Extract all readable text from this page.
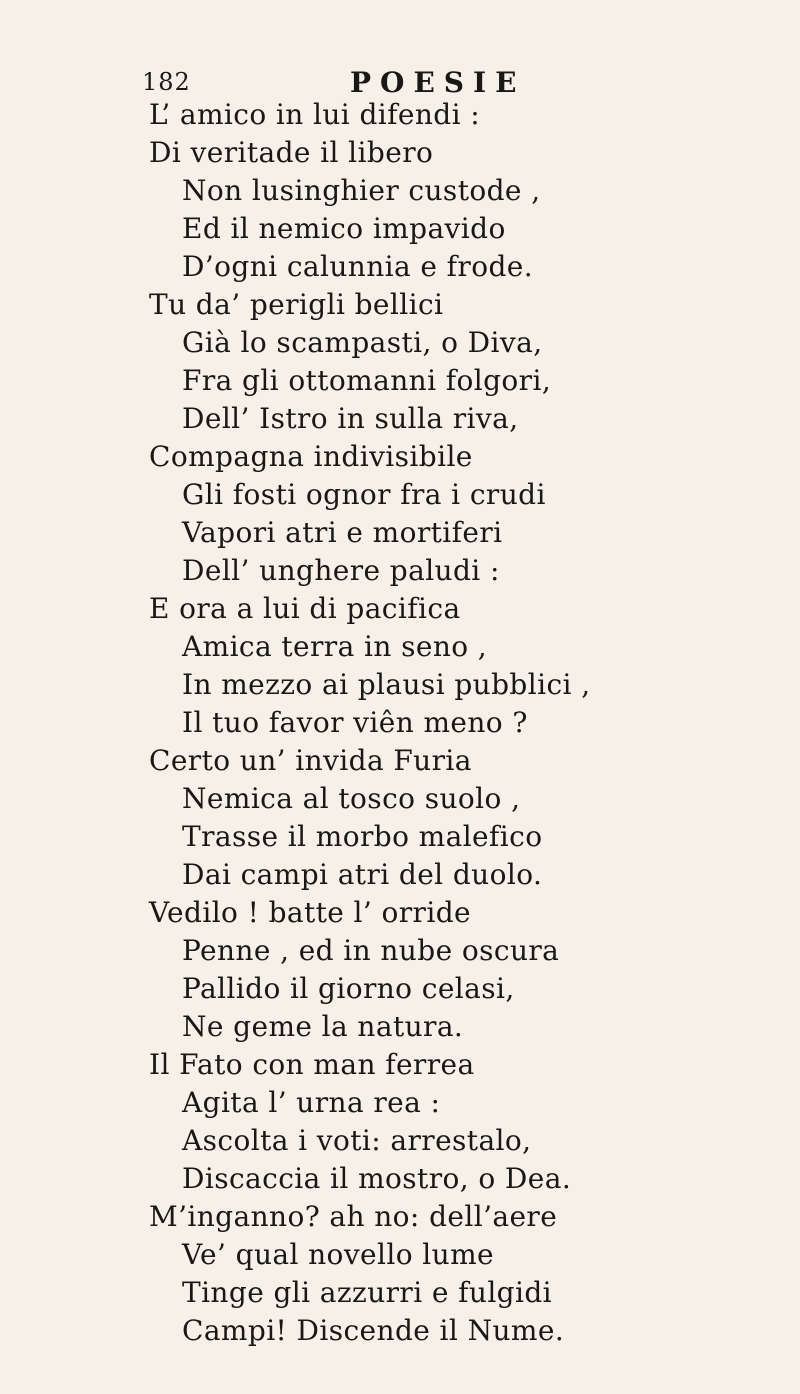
182	POESIE
L’ amico in lui difendi :
Di veritade il libero
Non lusinghier custode ,
Ed il nemico impavido
D’ogni calunnia e frode.
Tu da’ perigli bellici
Già lo scampasti, o Diva,
Fra gli ottomanni folgori,
Dell’ Istro in sulla riva,
Compagna indivisibile
Gli fosti ognor fra i crudi
Vapori atri e mortiferi
Dell’ unghere paludi :
E ora a lui di pacifica
Amica terra in seno ,
In mezzo ai plausi pubblici ,
Il tuo favor viên meno ?
Certo un’ invida Furia
Nemica al tosco suolo ,
Trasse il morbo malefico
Dai campi atri del duolo.
Vedilo ! batte l’ orride
Penne , ed in nube oscura
Pallido il giorno celasi,
Ne geme la natura.
Il Fato con man ferrea
Agita l’ urna rea :
Ascolta i voti: arrestalo,
Discaccia il mostro, o Dea.
M’inganno? ah no: dell’aere
Ve’ qual novello lume
Tinge gli azzurri e fulgidi
Campi! Discende il Nume.
